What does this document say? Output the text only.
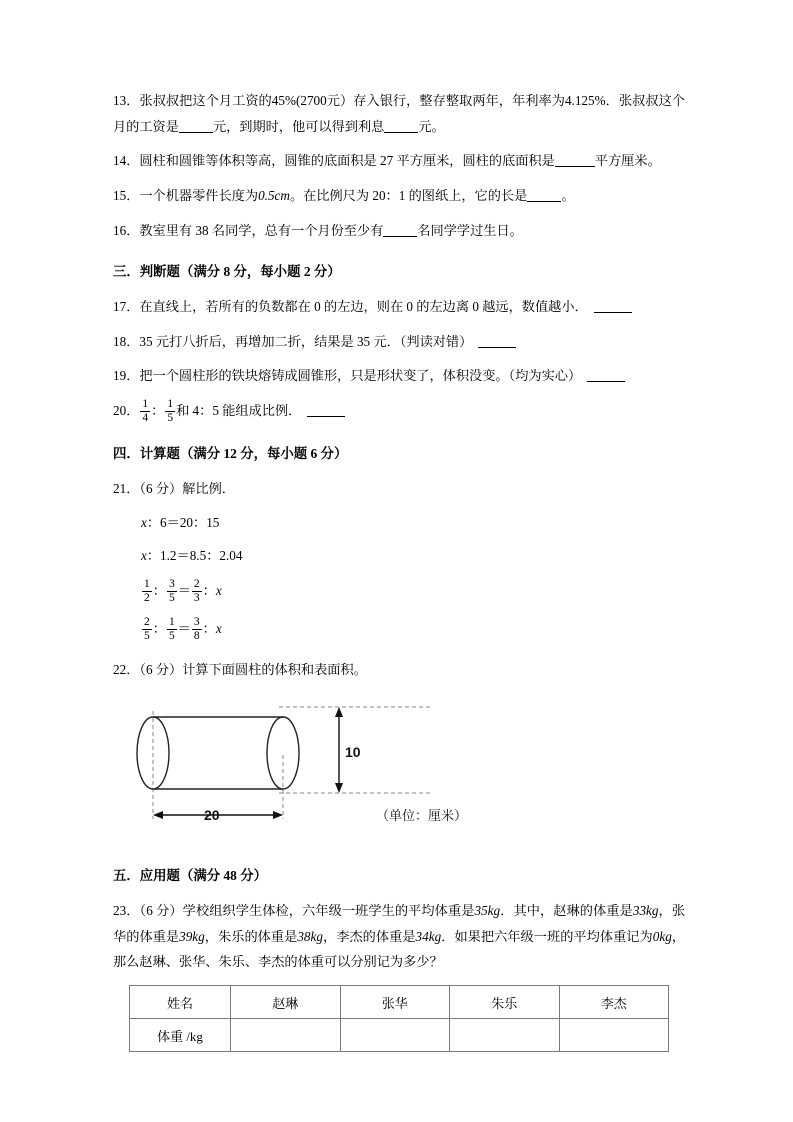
13．张叔叔把这个月工资的45%(2700元）存入银行，整存整取两年，年利率为4.125%．张叔叔这个月的工资是	元，到期时，他可以得到利息	元。

14．圆柱和圆锥等体积等高，圆锥的底面积是 27 平方厘米，圆柱的底面积是	平方厘米。

15．一个机器零件长度为0.5cm。在比例尺为 20：1 的图纸上，它的长是	。

16．教室里有 38 名同学，总有一个月份至少有	名同学学过生日。

三．判断题（满分 8 分，每小题 2 分）

17．在直线上，若所有的负数都在 0 的左边，则在 0 的左边离 0 越远，数值越小．

18．35 元打八折后，再增加二折，结果是 35 元．（判读对错）

19．把一个圆柱形的铁块熔铸成圆锥形，只是形状变了，体积没变。（均为实心）

20． $\frac{1}{4}$ ： $\frac{1}{5}$ 和 4：5 能组成比例．

四．计算题（满分 12 分，每小题 6 分）

21．（6 分）解比例．

x：6＝20：15

x：1.2＝8.5：2.04

$\frac{1}{2}$ ： $\frac{3}{5} = \frac{2}{3}$ ：x

$\frac{2}{5}$ ： $\frac{1}{5} = \frac{3}{8}$ ：x

22．（6 分）计算下面圆柱的体积和表面积。

10
20	（单位：厘米）

五．应用题（满分 48 分）

23．（6 分）学校组织学生体检，六年级一班学生的平均体重是35kg．其中，赵琳的体重是33kg，张华的体重是39kg，朱乐的体重是38kg，李杰的体重是34kg．如果把六年级一班的平均体重记为0kg，那么赵琳、张华、朱乐、李杰的体重可以分别记为多少？

姓名	赵琳	张华	朱乐	李杰
体重 /kg				
